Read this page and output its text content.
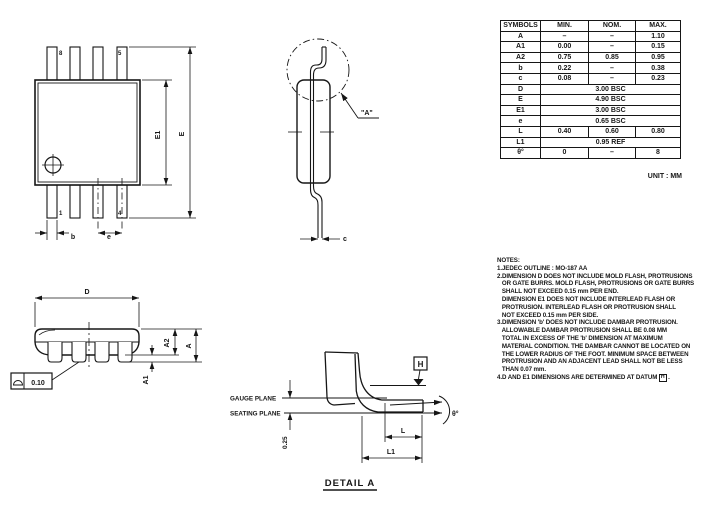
8	5
1	4
E1 E
b	e
"A"
c
D
A2 A
A1
0.10
H
GAUGE PLANE
SEATING PLANE	θ°
0.25
L
L1
DETAIL A
SYMBOLS	MIN.	NOM.	MAX.
A	–	–	1.10
A1	0.00	–	0.15
A2	0.75	0.85	0.95
b	0.22	–	0.38
c	0.08	–	0.23
D	3.00 BSC		
E	4.90 BSC		
E1	3.00 BSC		
e	0.65 BSC		
L	0.40	0.60	0.80
L1	0.95 REF		
θ°	0	–	8
UNIT : MM
NOTES:
1.JEDEC OUTLINE : MO-187 AA
2.DIMENSION D DOES NOT INCLUDE MOLD FLASH, PROTRUSIONS
OR GATE BURRS. MOLD FLASH, PROTRUSIONS OR GATE BURRS
SHALL NOT EXCEED 0.15 mm PER END.
DIMENSION E1 DOES NOT INCLUDE INTERLEAD FLASH OR
PROTRUSION. INTERLEAD FLASH OR PROTRUSION SHALL
NOT EXCEED 0.15 mm PER SIDE.
3.DIMENSION 'b' DOES NOT INCLUDE DAMBAR PROTRUSION.
ALLOWABLE DAMBAR PROTRUSION SHALL BE 0.08 MM
TOTAL IN EXCESS OF THE 'b' DIMENSION AT MAXIMUM
MATERIAL CONDITION. THE DAMBAR CANNOT BE LOCATED ON
THE LOWER RADIUS OF THE FOOT. MINIMUM SPACE BETWEEN
PROTRUSION AND AN ADJACENT LEAD SHALL NOT BE LESS
THAN 0.07 mm.
4.D AND E1 DIMENSIONS ARE DETERMINED AT DATUM H .
